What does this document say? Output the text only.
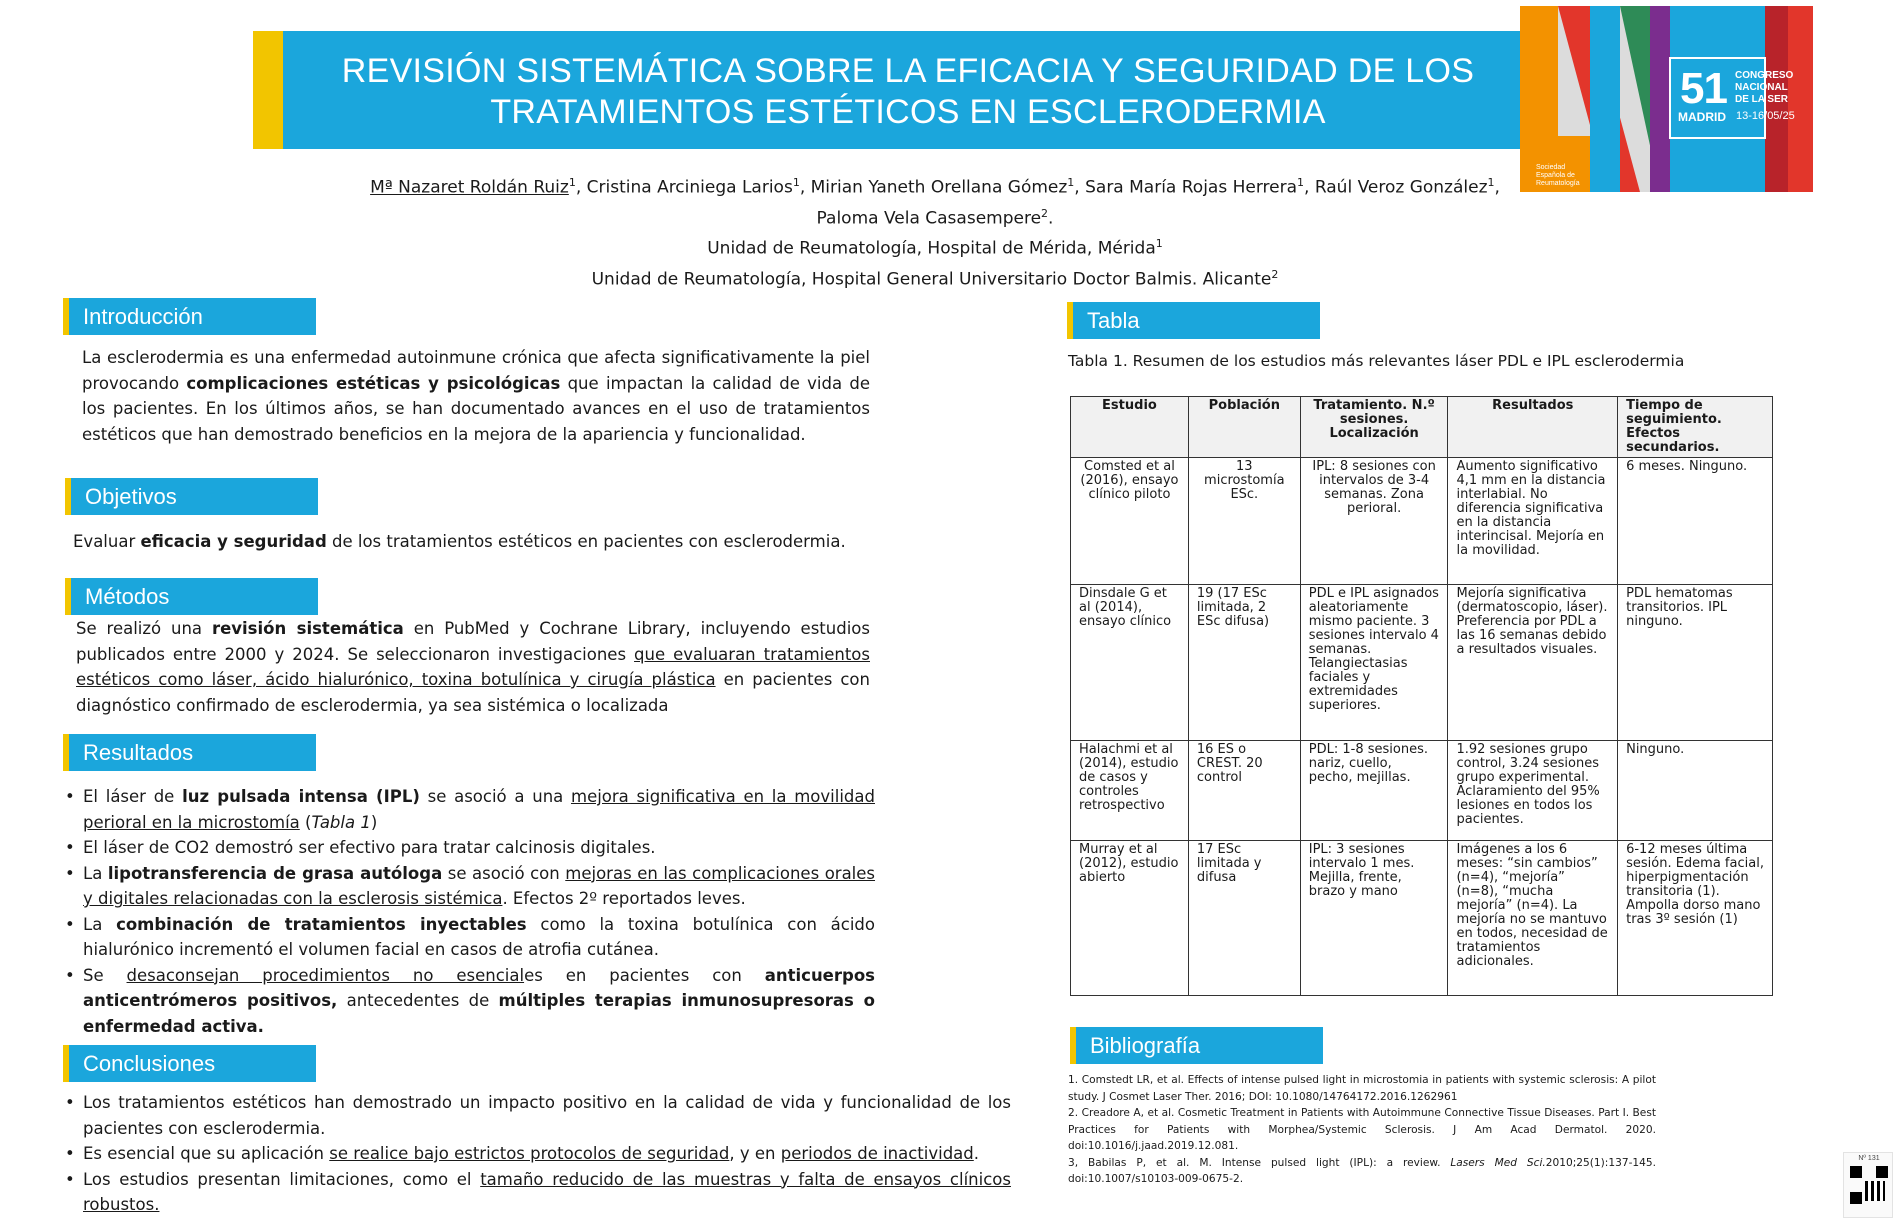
REVISIÓN SISTEMÁTICA SOBRE LA EFICACIA Y SEGURIDAD DE LOS
TRATAMIENTOS ESTÉTICOS EN ESCLERODERMIA	51
MADRID
CONGRESO
NACIONAL
DE LA SER
13-16/05/25
Sociedad Española de Reumatología
Mª Nazaret Roldán Ruiz$^1$, Cristina Arciniega Larios$^1$, Mirian Yaneth Orellana Gómez$^1$, Sara María Rojas Herrera$^1$, Raúl Veroz González$^1$,
Paloma Vela Casasempere$^2$.
Unidad de Reumatología, Hospital de Mérida, Mérida$^1$
Unidad de Reumatología, Hospital General Universitario Doctor Balmis. Alicante$^2$
Introducción
La esclerodermia es una enfermedad autoinmune crónica que afecta significativamente la piel provocando complicaciones estéticas y psicológicas que impactan la calidad de vida de los pacientes. En los últimos años, se han documentado avances en el uso de tratamientos estéticos que han demostrado beneficios en la mejora de la apariencia y funcionalidad.
Objetivos
Evaluar eficacia y seguridad de los tratamientos estéticos en pacientes con esclerodermia.
Métodos
Se realizó una revisión sistemática en PubMed y Cochrane Library, incluyendo estudios publicados entre 2000 y 2024. Se seleccionaron investigaciones que evaluaran tratamientos estéticos como láser, ácido hialurónico, toxina botulínica y cirugía plástica en pacientes con diagnóstico confirmado de esclerodermia, ya sea sistémica o localizada
Resultados
• El láser de luz pulsada intensa (IPL) se asoció a una mejora significativa en la movilidad perioral en la microstomía (Tabla 1)
• El láser de CO2 demostró ser efectivo para tratar calcinosis digitales.
• La lipotransferencia de grasa autóloga se asoció con mejoras en las complicaciones orales y digitales relacionadas con la esclerosis sistémica. Efectos 2º reportados leves.
• La combinación de tratamientos inyectables como la toxina botulínica con ácido hialurónico incrementó el volumen facial en casos de atrofia cutánea.
• Se desaconsejan procedimientos no esenciales en pacientes con anticuerpos anticentrómeros positivos, antecedentes de múltiples terapias inmunosupresoras o enfermedad activa.
Conclusiones
• Los tratamientos estéticos han demostrado un impacto positivo en la calidad de vida y funcionalidad de los pacientes con esclerodermia.
• Es esencial que su aplicación se realice bajo estrictos protocolos de seguridad, y en periodos de inactividad.
• Los estudios presentan limitaciones, como el tamaño reducido de las muestras y falta de ensayos clínicos robustos.
Tabla
Tabla 1. Resumen de los estudios más relevantes láser PDL e IPL esclerodermia
Estudio	Población	Tratamiento. N.º sesiones. Localización	Resultados	Tiempo de seguimiento. Efectos secundarios.
Comsted et al (2016), ensayo clínico piloto	13 microstomía ESc.	IPL: 8 sesiones con intervalos de 3-4 semanas. Zona perioral.	Aumento significativo 4,1 mm en la distancia interlabial. No diferencia significativa en la distancia interincisal. Mejoría en la movilidad.	6 meses. Ninguno.
Dinsdale G et al (2014), ensayo clínico	19 (17 ESc limitada, 2 ESc difusa)	PDL e IPL asignados aleatoriamente mismo paciente. 3 sesiones intervalo 4 semanas. Telangiectasias faciales y extremidades superiores.	Mejoría significativa (dermatoscopio, láser). Preferencia por PDL a las 16 semanas debido a resultados visuales.	PDL hematomas transitorios. IPL ninguno.
Halachmi et al (2014), estudio de casos y controles retrospectivo	16 ES o CREST. 20 control	PDL: 1-8 sesiones. nariz, cuello, pecho, mejillas.	1.92 sesiones grupo control, 3.24 sesiones grupo experimental. Aclaramiento del 95% lesiones en todos los pacientes.	Ninguno.
Murray et al (2012), estudio abierto	17 ESc limitada y difusa	IPL: 3 sesiones intervalo 1 mes. Mejilla, frente, brazo y mano	Imágenes a los 6 meses: “sin cambios” (n=4), “mejoría” (n=8), “mucha mejoría” (n=4). La mejoría no se mantuvo en todos, necesidad de tratamientos adicionales.	6-12 meses última sesión. Edema facial, hiperpigmentación transitoria (1). Ampolla dorso mano tras 3º sesión (1)
Bibliografía
1. Comstedt LR, et al. Effects of intense pulsed light in microstomia in patients with systemic sclerosis: A pilot study. J Cosmet Laser Ther. 2016; DOI: 10.1080/14764172.2016.1262961
2. Creadore A, et al. Cosmetic Treatment in Patients with Autoimmune Connective Tissue Diseases. Part I. Best Practices for Patients with Morphea/Systemic Sclerosis. J Am Acad Dermatol. 2020. doi:10.1016/j.jaad.2019.12.081.
3, Babilas P, et al. M. Intense pulsed light (IPL): a review. Lasers Med Sci.2010;25(1):137-145. doi:10.1007/s10103-009-0675-2.
Nº 131
